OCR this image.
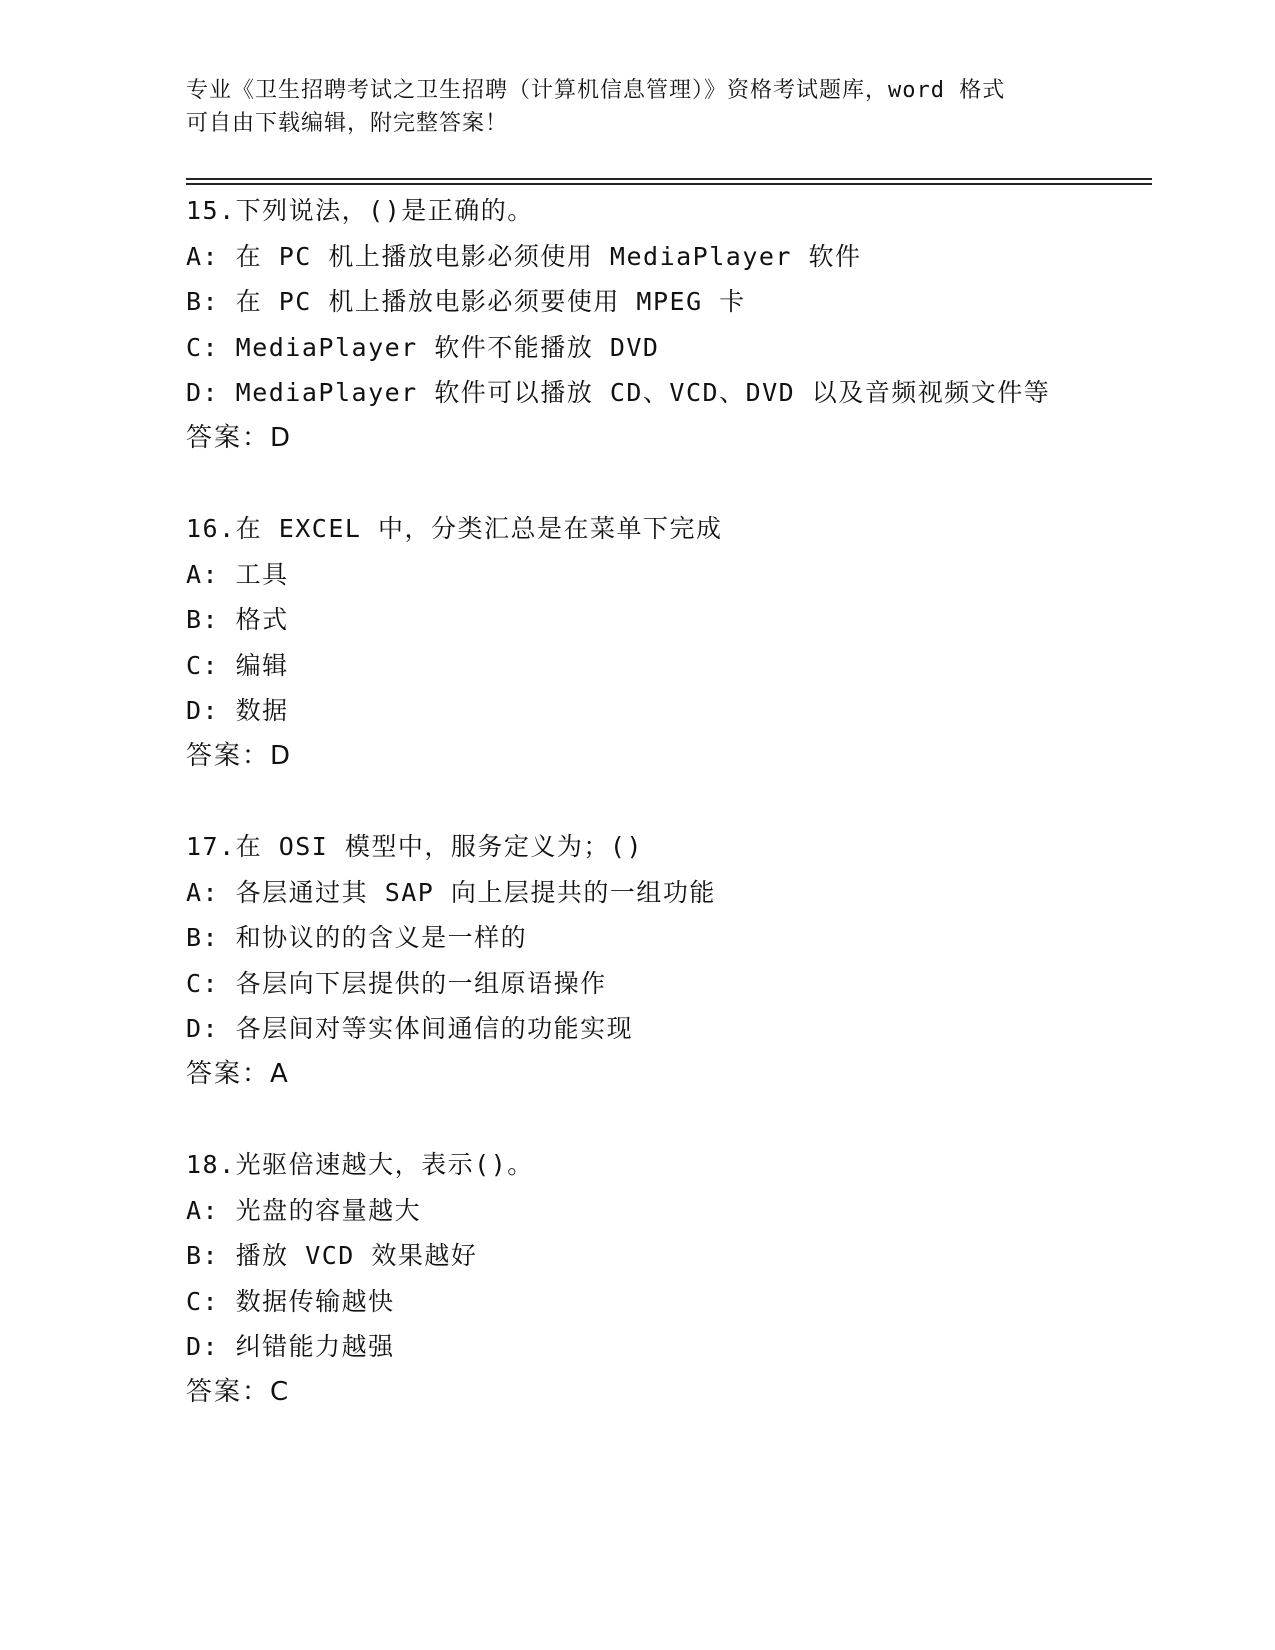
专业《卫生招聘考试之卫生招聘（计算机信息管理）》资格考试题库，word 格式
可自由下载编辑，附完整答案！
15.下列说法，()是正确的。
A: 在 PC 机上播放电影必须使用 MediaPlayer 软件
B: 在 PC 机上播放电影必须要使用 MPEG 卡
C: MediaPlayer 软件不能播放 DVD
D: MediaPlayer 软件可以播放 CD、VCD、DVD 以及音频视频文件等
答案：D
16.在 EXCEL 中，分类汇总是在菜单下完成
A: 工具
B: 格式
C: 编辑
D: 数据
答案：D
17.在 OSI 模型中，服务定义为；()
A: 各层通过其 SAP 向上层提共的一组功能
B: 和协议的的含义是一样的
C: 各层向下层提供的一组原语操作
D: 各层间对等实体间通信的功能实现
答案：A
18.光驱倍速越大，表示()。
A: 光盘的容量越大
B: 播放 VCD 效果越好
C: 数据传输越快
D: 纠错能力越强
答案：C
